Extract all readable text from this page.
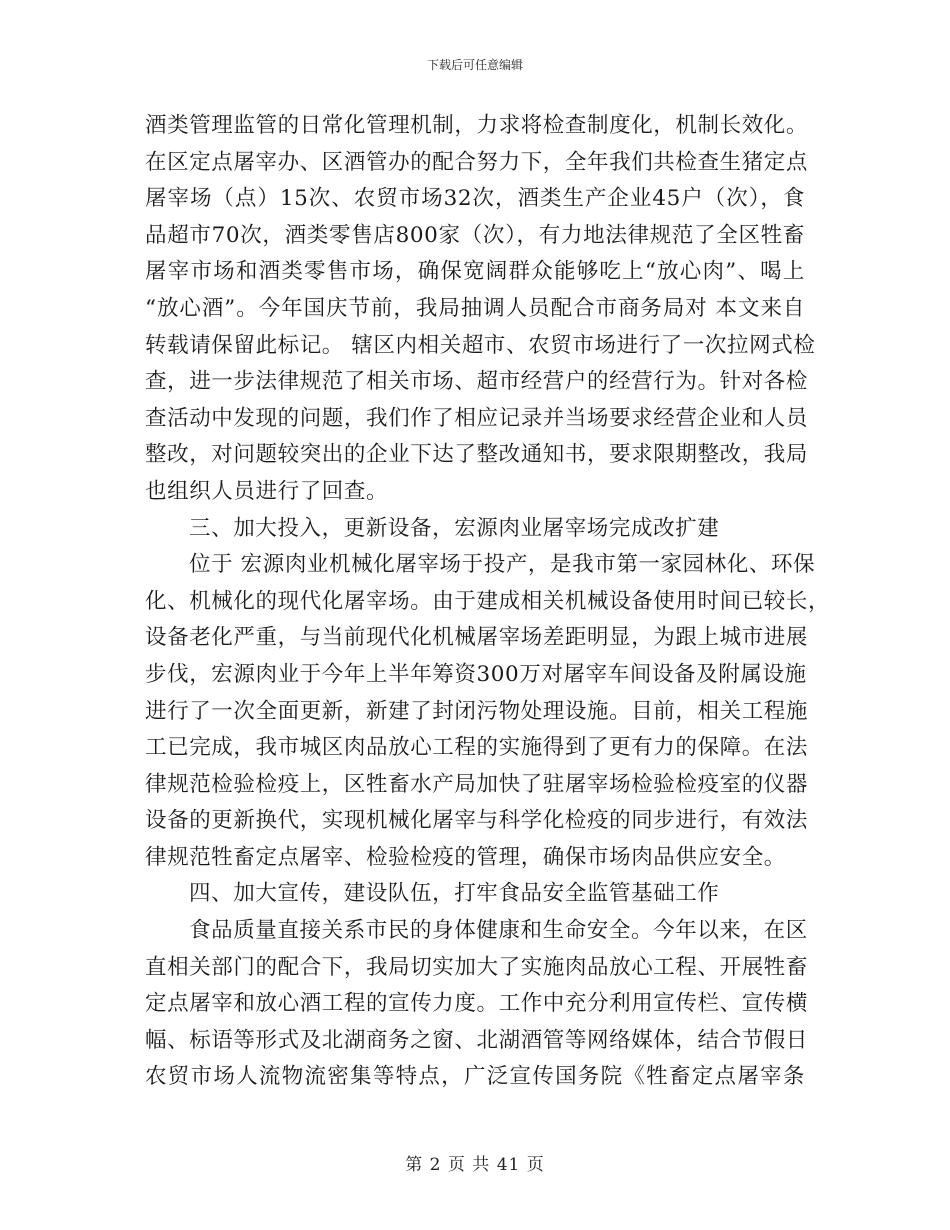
下载后可任意编辑
酒类管理监管的日常化管理机制，力求将检查制度化，机制长效化。
在区定点屠宰办、区酒管办的配合努力下，全年我们共检查生猪定点
屠宰场（点）15次、农贸市场32次，酒类生产企业45户（次），食
品超市70次，酒类零售店800家（次），有力地法律规范了全区牲畜
屠宰市场和酒类零售市场，确保宽阔群众能够吃上“放心肉”、喝上
“放心酒”。今年国庆节前，我局抽调人员配合市商务局对 本文来自
转载请保留此标记。 辖区内相关超市、农贸市场进行了一次拉网式检
查，进一步法律规范了相关市场、超市经营户的经营行为。针对各检
查活动中发现的问题，我们作了相应记录并当场要求经营企业和人员
整改，对问题较突出的企业下达了整改通知书，要求限期整改，我局
也组织人员进行了回查。
三、加大投入，更新设备，宏源肉业屠宰场完成改扩建
位于 宏源肉业机械化屠宰场于投产，是我市第一家园林化、环保
化、机械化的现代化屠宰场。由于建成相关机械设备使用时间已较长，
设备老化严重，与当前现代化机械屠宰场差距明显，为跟上城市进展
步伐，宏源肉业于今年上半年筹资300万对屠宰车间设备及附属设施
进行了一次全面更新，新建了封闭污物处理设施。目前，相关工程施
工已完成，我市城区肉品放心工程的实施得到了更有力的保障。在法
律规范检验检疫上，区牲畜水产局加快了驻屠宰场检验检疫室的仪器
设备的更新换代，实现机械化屠宰与科学化检疫的同步进行，有效法
律规范牲畜定点屠宰、检验检疫的管理，确保市场肉品供应安全。
四、加大宣传，建设队伍，打牢食品安全监管基础工作
食品质量直接关系市民的身体健康和生命安全。今年以来，在区
直相关部门的配合下，我局切实加大了实施肉品放心工程、开展牲畜
定点屠宰和放心酒工程的宣传力度。工作中充分利用宣传栏、宣传横
幅、标语等形式及北湖商务之窗、北湖酒管等网络媒体，结合节假日
农贸市场人流物流密集等特点，广泛宣传国务院《牲畜定点屠宰条
第 2 页 共 41 页
